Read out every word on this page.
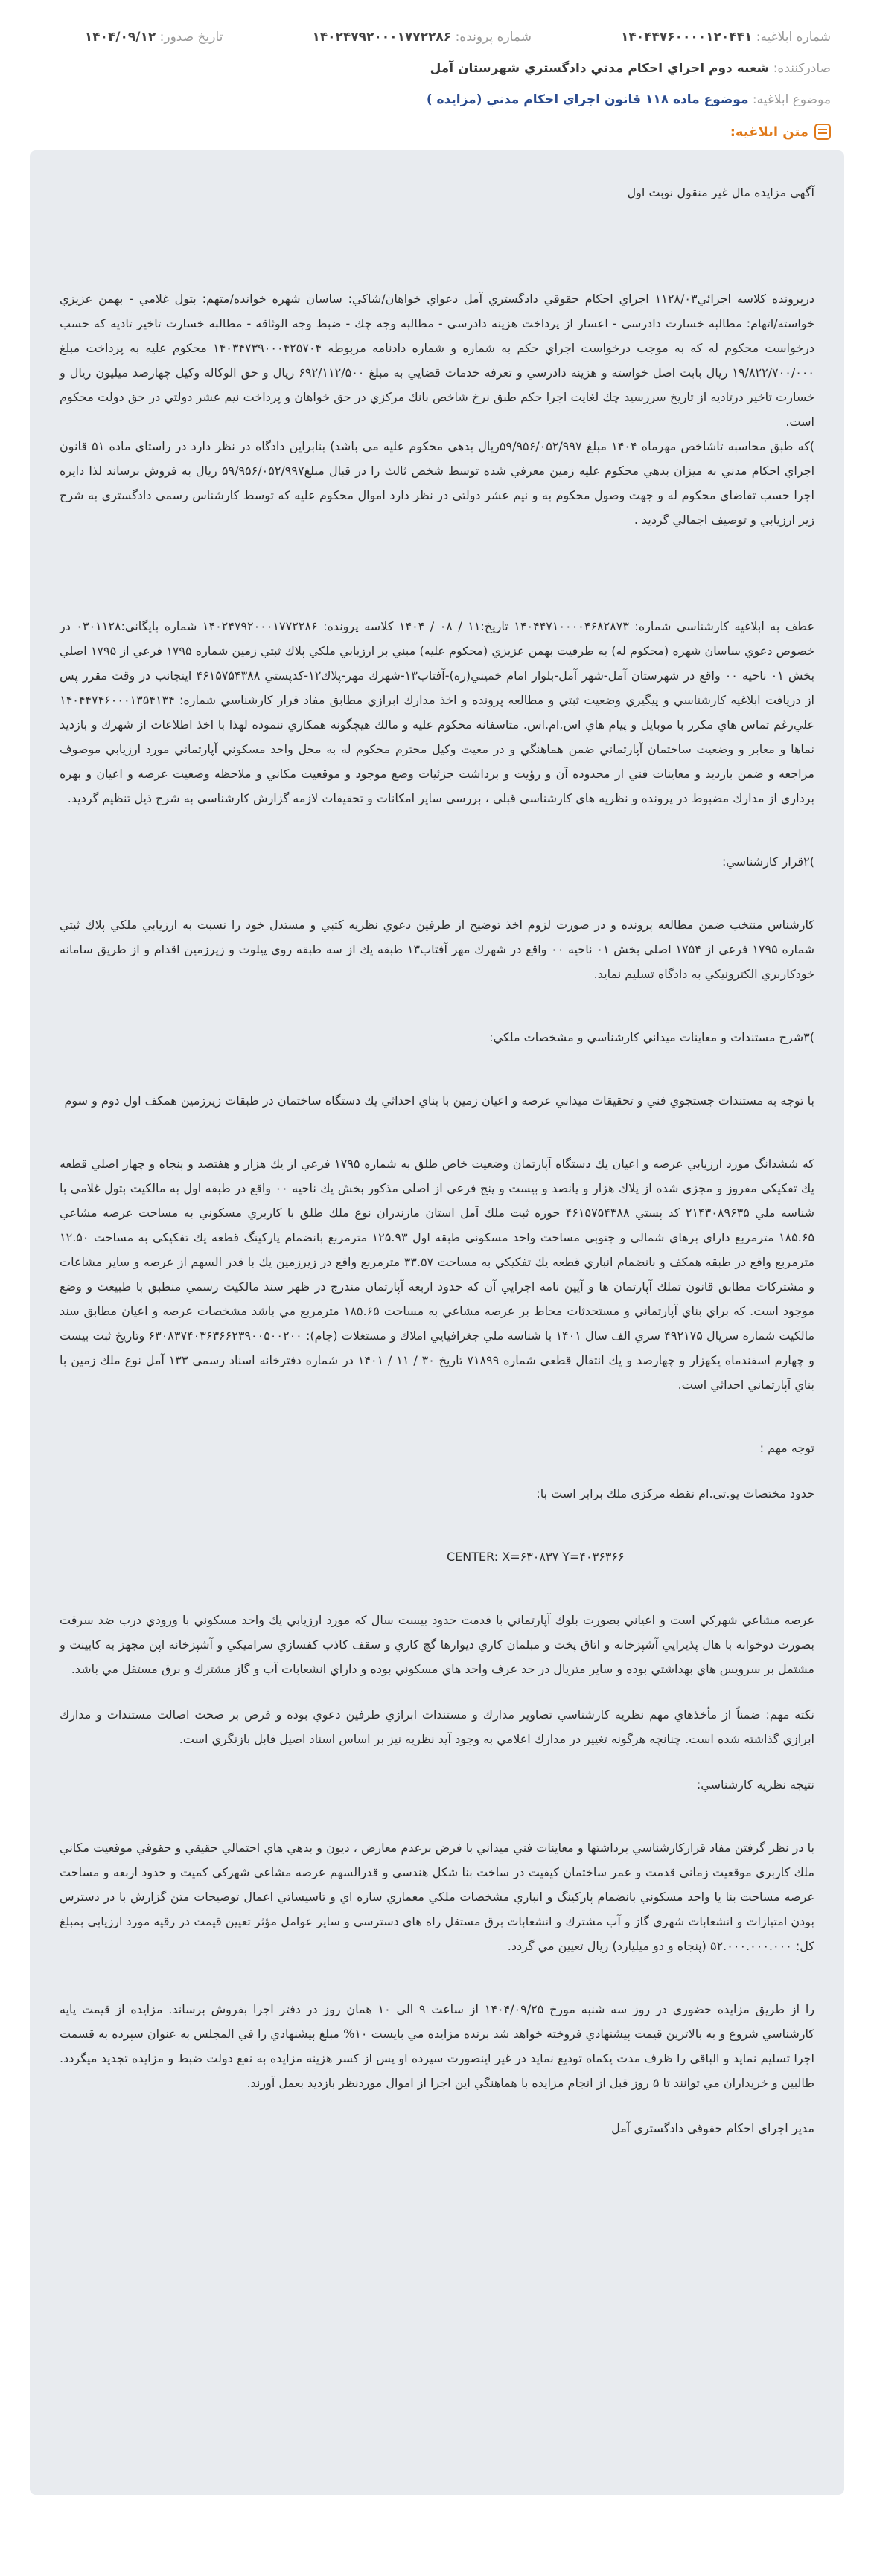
شماره ابلاغیه: ۱۴۰۴۴۷۶۰۰۰۰۱۲۰۴۴۱
شماره پرونده: ۱۴۰۲۴۷۹۲۰۰۰۱۷۷۲۲۸۶
تاریخ صدور: ۱۴۰۴/۰۹/۱۲
صادرکننده: شعبه دوم اجراي احكام مدني دادگستري شهرستان آمل
موضوع ابلاغیه: موضوع ماده ۱۱۸ قانون اجراي احكام مدني (مزايده )
متن ابلاغیه:

آگهي مزايده مال غير منقول نوبت اول

درپرونده كلاسه اجرائي۱۱۲۸/۰۳ اجراي احكام حقوقي دادگستري آمل دعواي خواهان/شاكي: ساسان شهره خوانده/متهم: بتول غلامي - بهمن عزيزي خواسته/اتهام: مطالبه خسارت دادرسي - اعسار از پرداخت هزينه دادرسي - مطالبه وجه چك - ضبط وجه الوثاقه - مطالبه خسارت تاخير تاديه كه حسب درخواست محكوم له كه به موجب درخواست اجراي حكم به شماره و شماره دادنامه مربوطه ۱۴۰۳۴۷۳۹۰۰۰۴۲۵۷۰۴ محكوم عليه به پرداخت مبلغ ۱۹/۸۲۲/۷۰۰/۰۰۰ ريال بابت اصل خواسته و هزينه دادرسي و تعرفه خدمات قضايي به مبلغ ۶۹۲/۱۱۲/۵۰۰ ريال و حق الوكاله وكيل چهارصد ميليون ريال و خسارت تاخير درتاديه از تاريخ سررسيد چك لغايت اجرا حكم طبق نرخ شاخص بانك مركزي در حق خواهان و پرداخت نيم عشر دولتي در حق دولت محكوم است.

)كه طبق محاسبه تاشاخص مهرماه ۱۴۰۴ مبلغ ۵۹/۹۵۶/۰۵۲/۹۹۷ريال بدهي محكوم عليه مي باشد) بنابراين دادگاه در نظر دارد در راستاي ماده ۵۱ قانون اجراي احكام مدني به ميزان بدهي محكوم عليه زمين معرفي شده توسط شخص ثالث را در قبال مبلغ۵۹/۹۵۶/۰۵۲/۹۹۷ ريال به فروش برساند لذا دايره اجرا حسب تقاضاي محكوم له و جهت وصول محكوم به و نيم عشر دولتي در نظر دارد اموال محكوم عليه كه توسط كارشناس رسمي دادگستري به شرح زير ارزيابي و توصيف اجمالي گرديد .

عطف به ابلاغيه كارشناسي شماره: ۱۴۰۴۴۷۱۰۰۰۰۴۶۸۲۸۷۳ تاريخ:۱۱ / ۰۸ / ۱۴۰۴ كلاسه پرونده: ۱۴۰۲۴۷۹۲۰۰۰۱۷۷۲۲۸۶ شماره بايگاني:۰۳۰۱۱۲۸ در خصوص دعوي ساسان شهره (محكوم له) به طرفيت بهمن عزيزي (محكوم عليه) مبني بر ارزيابي ملكي پلاك ثبتي زمين شماره ۱۷۹۵ فرعي از ۱۷۹۵ اصلي بخش ۰۱ ناحيه ۰۰ واقع در شهرستان آمل-شهر آمل-بلوار امام خميني(ره)-آفتاب۱۳-شهرك مهر-پلاك۱۲-كدپستي ۴۶۱۵۷۵۴۳۸۸ اينجانب در وقت مقرر پس از دريافت ابلاغيه كارشناسي و پيگيري وضعيت ثبتي و مطالعه پرونده و اخذ مدارك ابرازي مطابق مفاد قرار كارشناسي شماره: ۱۴۰۴۴۷۴۶۰۰۰۱۳۵۴۱۳۴ علي‌رغم تماس هاي مكرر با موبايل و پيام هاي اس.ام.اس. متاسفانه محكوم عليه و مالك هيچگونه همكاري ننموده لهذا با اخذ اطلاعات از شهرك و بازديد نماها و معابر و وضعيت ساختمان آپارتماني ضمن هماهنگي و در معيت وكيل محترم محكوم له به محل واحد مسكوني آپارتماني مورد ارزيابي موصوف مراجعه و ضمن بازديد و معاينات فني از محدوده آن و رؤيت و برداشت جزئيات وضع موجود و موقعيت مكاني و ملاحظه وضعيت عرصه و اعيان و بهره برداري از مدارك مضبوط در پرونده و نظريه هاي كارشناسي قبلي ، بررسي ساير امكانات و تحقيقات لازمه گزارش كارشناسي به شرح ذيل تنظيم گرديد.

)۲قرار كارشناسي:

كارشناس منتخب ضمن مطالعه پرونده و در صورت لزوم اخذ توضيح از طرفين دعوي نظريه كتبي و مستدل خود را نسبت به ارزيابي ملكي پلاك ثبتي شماره ۱۷۹۵ فرعي از ۱۷۵۴ اصلي بخش ۰۱ ناحيه ۰۰ واقع در شهرك مهر آفتاب۱۳ طبقه يك از سه طبقه روي پيلوت و زيرزمين اقدام و از طريق سامانه خودكاربري الكترونيكي به دادگاه تسليم نمايد.

)۳شرح مستندات و معاينات ميداني كارشناسي و مشخصات ملكي:

با توجه به مستندات جستجوي فني و تحقيقات ميداني عرصه و اعيان زمين با بناي احداثي يك دستگاه ساختمان در طبقات زيرزمين همكف اول دوم و سوم

كه ششدانگ مورد ارزيابي عرصه و اعيان يك دستگاه آپارتمان وضعيت خاص طلق به شماره ۱۷۹۵ فرعي از يك هزار و هفتصد و پنجاه و چهار اصلي قطعه يك تفكيكي مفروز و مجزي شده از پلاك هزار و پانصد و بيست و پنج فرعي از اصلي مذكور بخش يك ناحيه ۰۰ واقع در طبقه اول به مالكيت بتول غلامي با شناسه ملي ۲۱۴۳۰۸۹۶۳۵ كد پستي ۴۶۱۵۷۵۴۳۸۸ حوزه ثبت ملك آمل استان مازندران نوع ملك طلق با كاربري مسكوني به مساحت عرصه مشاعي ۱۸۵.۶۵ مترمربع داراي برهاي شمالي و جنوبي مساحت واحد مسكوني طبقه اول ۱۲۵.۹۳ مترمربع بانضمام پاركينگ قطعه يك تفكيكي به مساحت ۱۲.۵۰ مترمربع واقع در طبقه همكف و بانضمام انباري قطعه يك تفكيكي به مساحت ۳۳.۵۷ مترمربع واقع در زيرزمين يك با قدر السهم از عرصه و ساير مشاعات و مشتركات مطابق قانون تملك آپارتمان ها و آيين نامه اجرايي آن كه حدود اربعه آپارتمان مندرج در ظهر سند مالكيت رسمي منطبق با طبيعت و وضع موجود است. كه براي بناي آپارتماني و مستحدثات محاط بر عرصه مشاعي به مساحت ۱۸۵.۶۵ مترمربع مي باشد مشخصات عرصه و اعيان مطابق سند مالكيت شماره سريال ۴۹۲۱۷۵ سري الف سال ۱۴۰۱ با شناسه ملي جغرافيايي املاك و مستغلات (جام): ۶۳۰۸۳۷۴۰۳۶۳۶۶۲۳۹۰۰۵۰۰۲۰۰ وتاريخ ثبت بيست و چهارم اسفندماه يكهزار و چهارصد و يك انتقال قطعي شماره ۷۱۸۹۹ تاريخ ۳۰ / ۱۱ / ۱۴۰۱ در شماره دفترخانه اسناد رسمي ۱۳۳ آمل نوع ملك زمين با بناي آپارتماني احداثي است.

توجه مهم :

حدود مختصات يو.تي.ام نقطه مركزي ملك برابر است با:

CENTER: X=۶۳۰۸۳۷ Y=۴۰۳۶۳۶۶

عرصه مشاعي شهركي است و اعياني بصورت بلوك آپارتماني با قدمت حدود بيست سال كه مورد ارزيابي يك واحد مسكوني با ورودي درب ضد سرقت بصورت دوخوابه با هال پذيرايي آشپزخانه و اتاق پخت و مبلمان كاري ديوارها گچ كاري و سقف كاذب كفسازي سراميكي و آشپزخانه اپن مجهز به كابينت و مشتمل بر سرويس هاي بهداشتي بوده و ساير متريال در حد عرف واحد هاي مسكوني بوده و داراي انشعابات آب و گاز مشترك و برق مستقل مي باشد.

نكته مهم: ضمناً از مأخذهاي مهم نظريه كارشناسي تصاوير مدارك و مستندات ابرازي طرفين دعوي بوده و فرض بر صحت اصالت مستندات و مدارك ابرازي گذاشته شده است. چنانچه هرگونه تغيير در مدارك اعلامي به وجود آيد نظريه نيز بر اساس اسناد اصيل قابل بازنگري است.

نتيجه نظريه كارشناسي:

با در نظر گرفتن مفاد قراركارشناسي برداشتها و معاينات فني ميداني با فرض برعدم معارض ، ديون و بدهي هاي احتمالي حقيقي و حقوقي موقعيت مكاني ملك كاربري موقعيت زماني قدمت و عمر ساختمان كيفيت در ساخت بنا شكل هندسي و قدرالسهم عرصه مشاعي شهركي كميت و حدود اربعه و مساحت عرصه مساحت بنا يا واحد مسكوني بانضمام پاركينگ و انباري مشخصات ملكي معماري سازه اي و تاسيساتي اعمال توضيحات متن گزارش با در دسترس بودن امتيازات و انشعابات شهري گاز و آب مشترك و انشعابات برق مستقل راه هاي دسترسي و ساير عوامل مؤثر تعيين قيمت در رقيه مورد ارزيابي بمبلغ كل: ۵۲.۰۰۰.۰۰۰.۰۰۰ (پنجاه و دو ميليارد) ريال تعيين مي گردد.

را از طريق مزايده حضوري در روز سه شنبه مورخ ۱۴۰۴/۰۹/۲۵ از ساعت ۹ الي ۱۰ همان روز در دفتر اجرا بفروش برساند. مزايده از قيمت پايه كارشناسي شروع و به بالاترين قيمت پيشنهادي فروخته خواهد شد برنده مزايده مي بايست ۱۰% مبلغ پيشنهادي را في المجلس به عنوان سپرده به قسمت اجرا تسليم نمايد و الباقي را ظرف مدت يكماه توديع نمايد در غير اينصورت سپرده او پس از كسر هزينه مزايده به نفع دولت ضبط و مزايده تجديد ميگردد. طالبين و خريداران مي توانند تا ۵ روز قبل از انجام مزايده با هماهنگي اين اجرا از اموال موردنظر بازديد بعمل آورند.

مدير اجراي احكام حقوقي دادگستري آمل
